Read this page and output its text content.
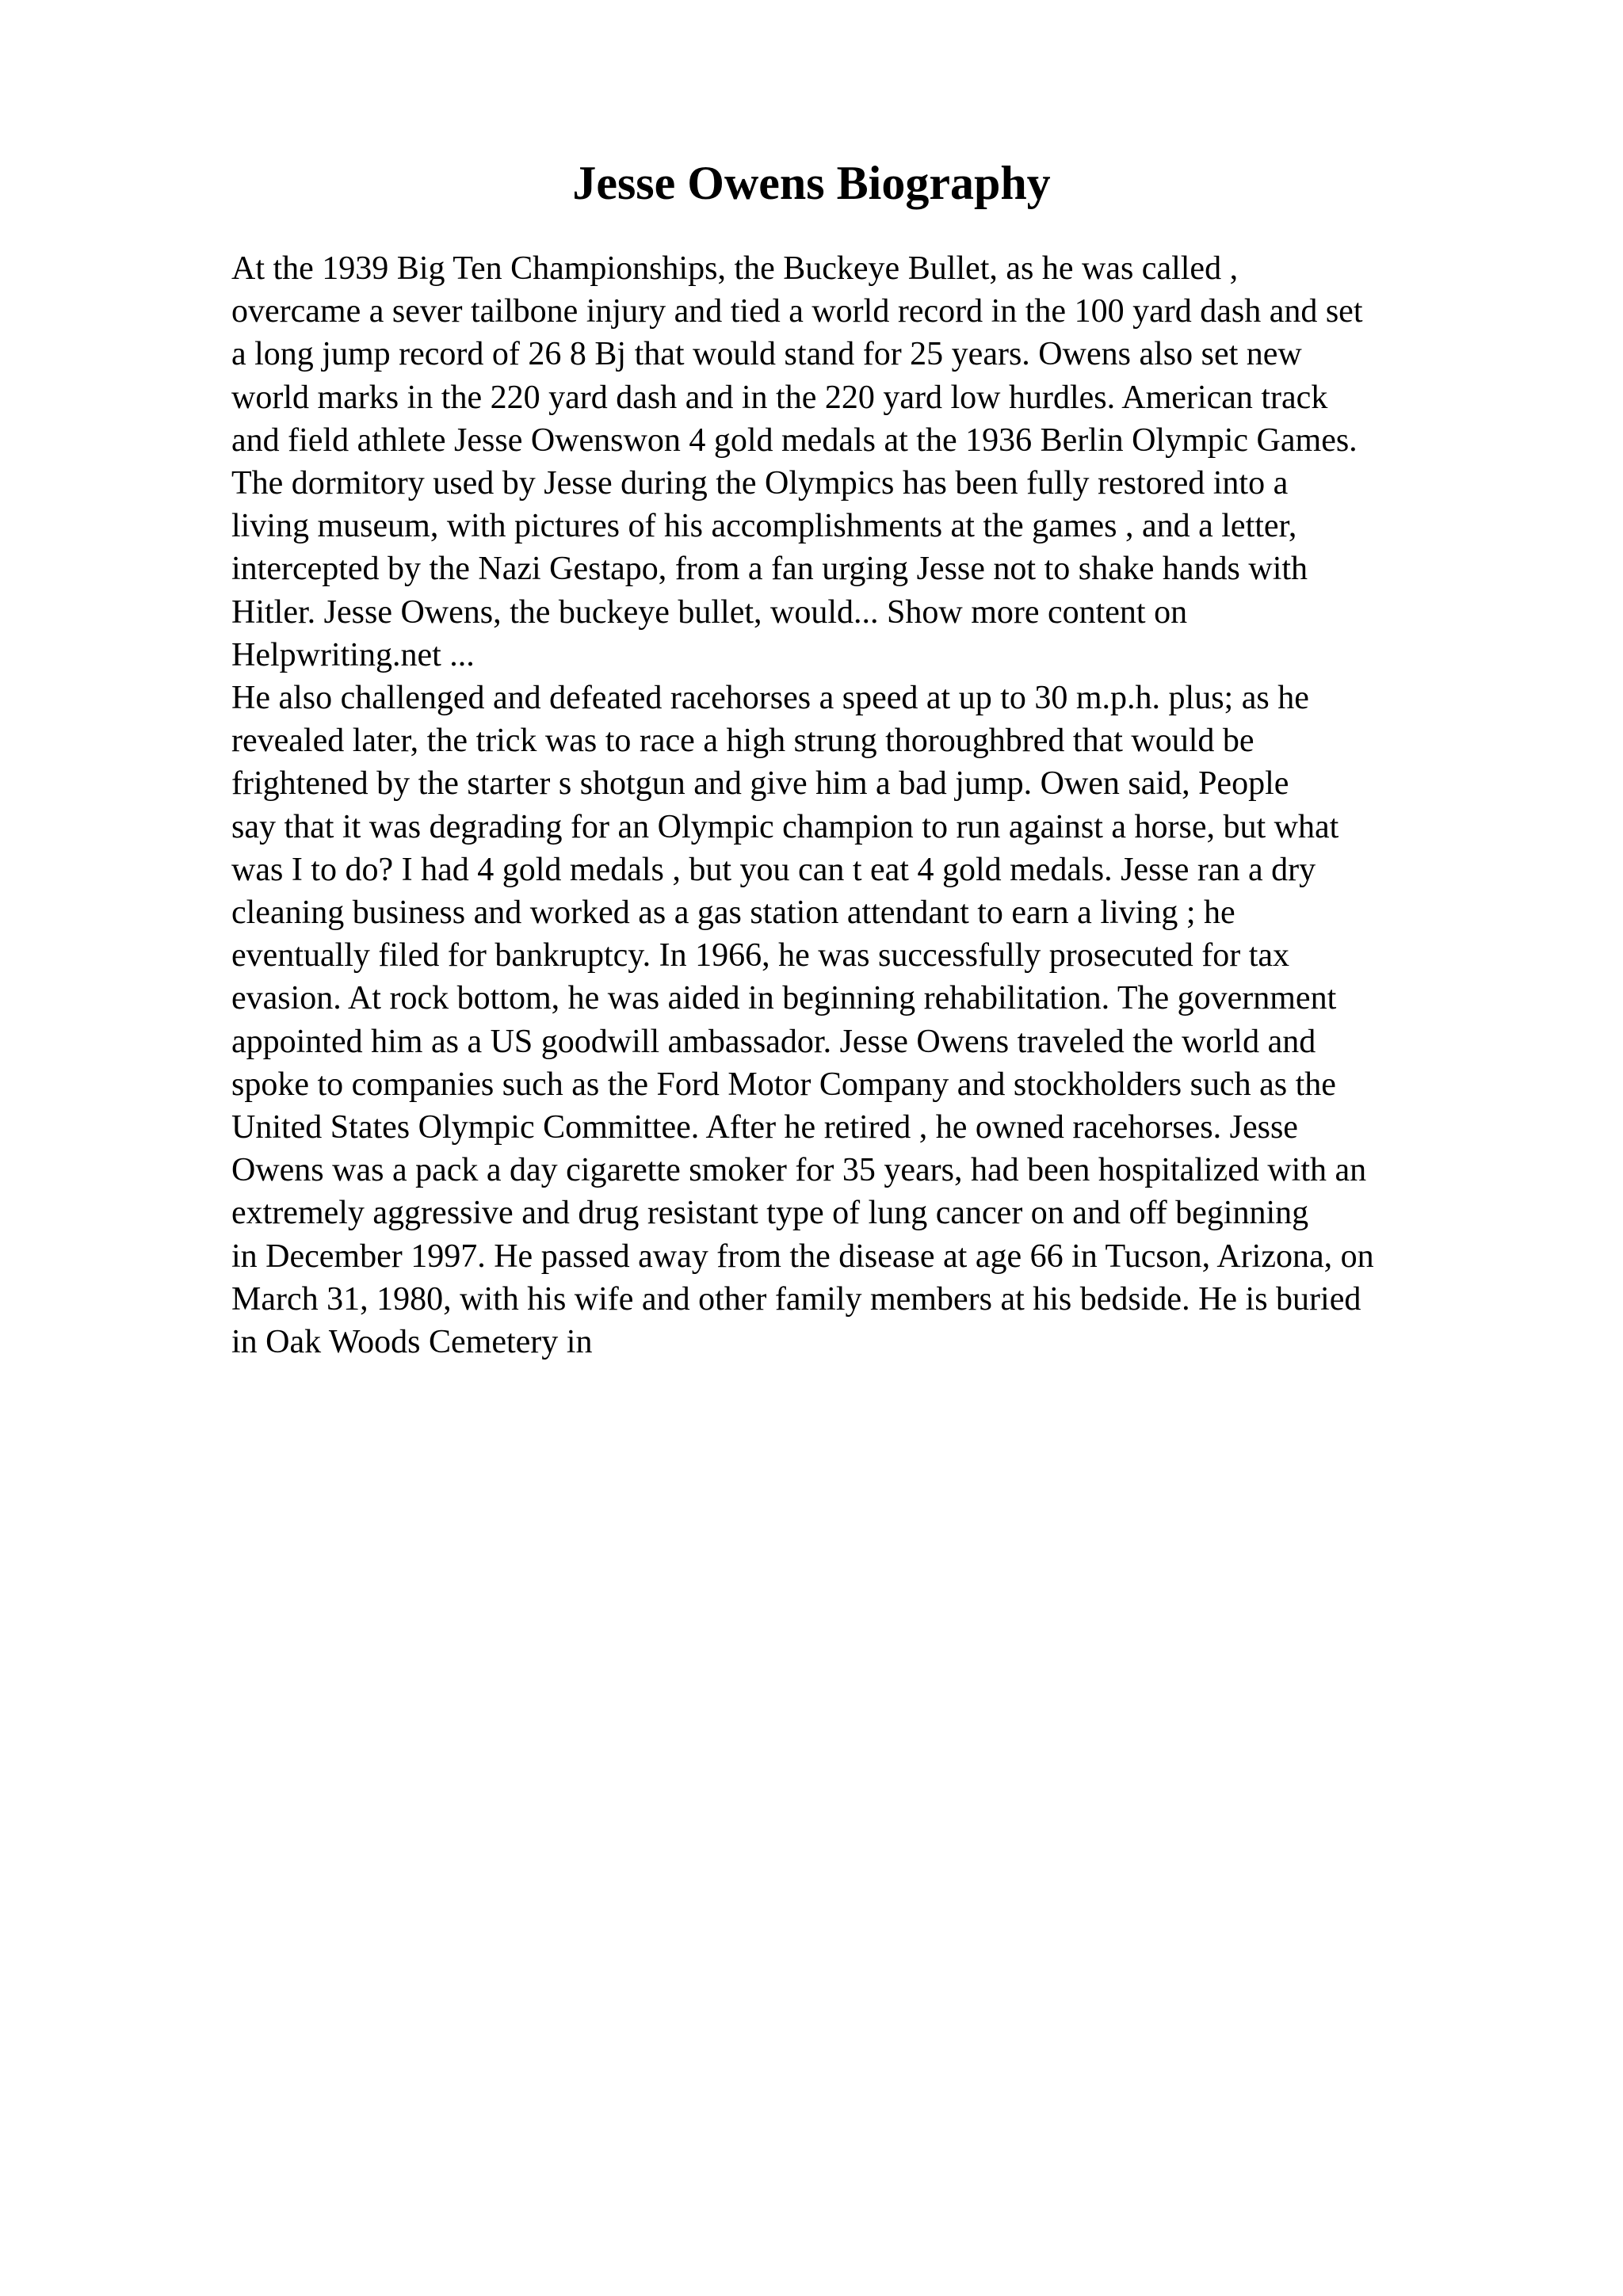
Jesse Owens Biography
At the 1939 Big Ten Championships, the Buckeye Bullet, as he was called ,
overcame a sever tailbone injury and tied a world record in the 100 yard dash and set
a long jump record of 26 8 Bj that would stand for 25 years. Owens also set new
world marks in the 220 yard dash and in the 220 yard low hurdles. American track
and field athlete Jesse Owenswon 4 gold medals at the 1936 Berlin Olympic Games.
The dormitory used by Jesse during the Olympics has been fully restored into a
living museum, with pictures of his accomplishments at the games , and a letter,
intercepted by the Nazi Gestapo, from a fan urging Jesse not to shake hands with
Hitler. Jesse Owens, the buckeye bullet, would... Show more content on
Helpwriting.net ...
He also challenged and defeated racehorses a speed at up to 30 m.p.h. plus; as he
revealed later, the trick was to race a high strung thoroughbred that would be
frightened by the starter s shotgun and give him a bad jump. Owen said, People
say that it was degrading for an Olympic champion to run against a horse, but what
was I to do? I had 4 gold medals , but you can t eat 4 gold medals. Jesse ran a dry
cleaning business and worked as a gas station attendant to earn a living ; he
eventually filed for bankruptcy. In 1966, he was successfully prosecuted for tax
evasion. At rock bottom, he was aided in beginning rehabilitation. The government
appointed him as a US goodwill ambassador. Jesse Owens traveled the world and
spoke to companies such as the Ford Motor Company and stockholders such as the
United States Olympic Committee. After he retired , he owned racehorses. Jesse
Owens was a pack a day cigarette smoker for 35 years, had been hospitalized with an
extremely aggressive and drug resistant type of lung cancer on and off beginning
in December 1997. He passed away from the disease at age 66 in Tucson, Arizona, on
March 31, 1980, with his wife and other family members at his bedside. He is buried
in Oak Woods Cemetery in
